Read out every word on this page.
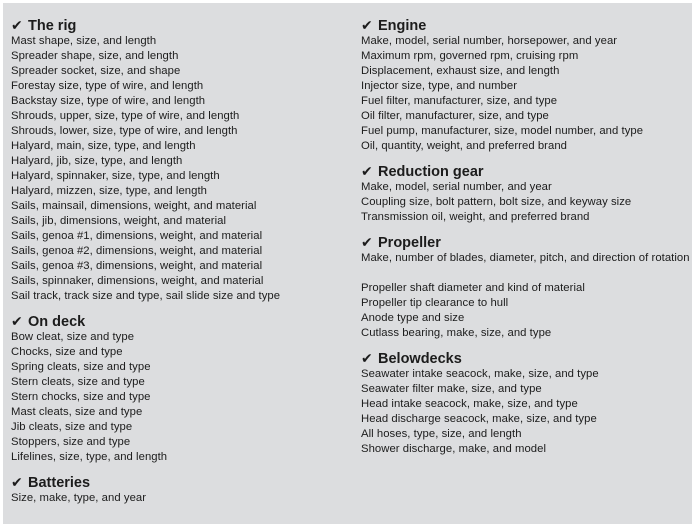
✔ The rig
Mast shape, size, and length
Spreader shape, size, and length
Spreader socket, size, and shape
Forestay size, type of wire, and length
Backstay size, type of wire, and length
Shrouds, upper, size, type of wire, and length
Shrouds, lower, size, type of wire, and length
Halyard, main, size, type, and length
Halyard, jib, size, type, and length
Halyard, spinnaker, size, type, and length
Halyard, mizzen, size, type, and length
Sails, mainsail, dimensions, weight, and material
Sails, jib, dimensions, weight, and material
Sails, genoa #1, dimensions, weight, and material
Sails, genoa #2, dimensions, weight, and material
Sails, genoa #3, dimensions, weight, and material
Sails, spinnaker, dimensions, weight, and material
Sail track, track size and type, sail slide size and type
✔ On deck
Bow cleat, size and type
Chocks, size and type
Spring cleats, size and type
Stern cleats, size and type
Stern chocks, size and type
Mast cleats, size and type
Jib cleats, size and type
Stoppers, size and type
Lifelines, size, type, and length
✔ Batteries
Size, make, type, and year
✔ Engine
Make, model, serial number, horsepower, and year
Maximum rpm, governed rpm, cruising rpm
Displacement, exhaust size, and length
Injector size, type, and number
Fuel filter, manufacturer, size, and type
Oil filter, manufacturer, size, and type
Fuel pump, manufacturer, size, model number, and type
Oil, quantity, weight, and preferred brand
✔ Reduction gear
Make, model, serial number, and year
Coupling size, bolt pattern, bolt size, and keyway size
Transmission oil, weight, and preferred brand
✔ Propeller
Make, number of blades, diameter, pitch, and direction of rotation
Propeller shaft diameter and kind of material
Propeller tip clearance to hull
Anode type and size
Cutlass bearing, make, size, and type
✔ Belowdecks
Seawater intake seacock, make, size, and type
Seawater filter make, size, and type
Head intake seacock, make, size, and type
Head discharge seacock, make, size, and type
All hoses, type, size, and length
Shower discharge, make, and model
